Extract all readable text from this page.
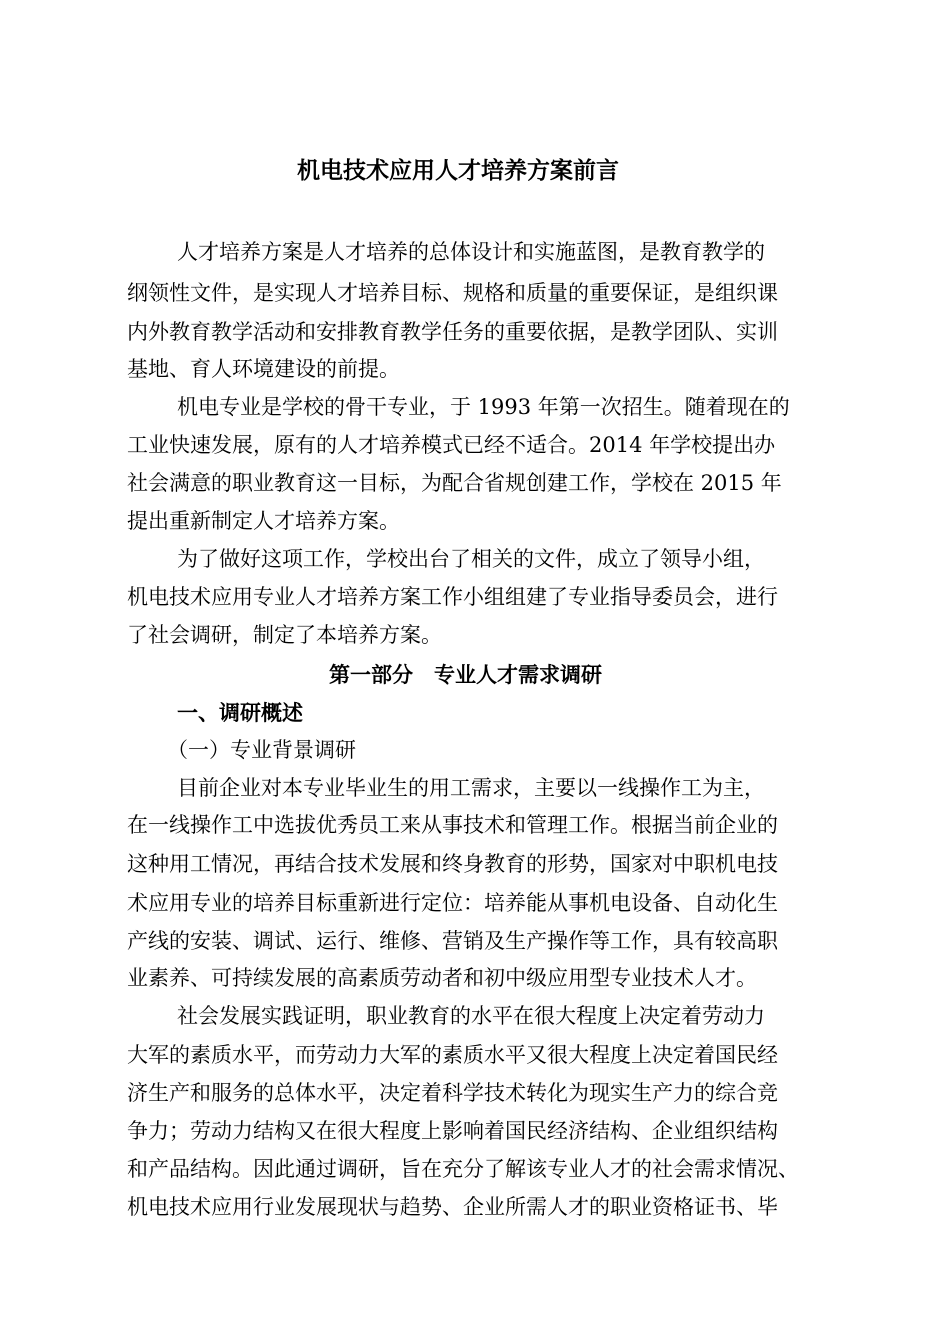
机电技术应用人才培养方案前言
人才培养方案是人才培养的总体设计和实施蓝图，是教育教学的
纲领性文件，是实现人才培养目标、规格和质量的重要保证，是组织课
内外教育教学活动和安排教育教学任务的重要依据，是教学团队、实训
基地、育人环境建设的前提。
机电专业是学校的骨干专业，于 1993 年第一次招生。随着现在的
工业快速发展，原有的人才培养模式已经不适合。2014 年学校提出办
社会满意的职业教育这一目标，为配合省规创建工作，学校在 2015 年
提出重新制定人才培养方案。
为了做好这项工作，学校出台了相关的文件，成立了领导小组，
机电技术应用专业人才培养方案工作小组组建了专业指导委员会，进行
了社会调研，制定了本培养方案。
第一部分　专业人才需求调研
一、调研概述
（一）专业背景调研
目前企业对本专业毕业生的用工需求，主要以一线操作工为主，
在一线操作工中选拔优秀员工来从事技术和管理工作。根据当前企业的
这种用工情况，再结合技术发展和终身教育的形势，国家对中职机电技
术应用专业的培养目标重新进行定位：培养能从事机电设备、自动化生
产线的安装、调试、运行、维修、营销及生产操作等工作，具有较高职
业素养、可持续发展的高素质劳动者和初中级应用型专业技术人才。
社会发展实践证明，职业教育的水平在很大程度上决定着劳动力
大军的素质水平，而劳动力大军的素质水平又很大程度上决定着国民经
济生产和服务的总体水平，决定着科学技术转化为现实生产力的综合竞
争力；劳动力结构又在很大程度上影响着国民经济结构、企业组织结构
和产品结构。因此通过调研，旨在充分了解该专业人才的社会需求情况、
机电技术应用行业发展现状与趋势、企业所需人才的职业资格证书、毕
